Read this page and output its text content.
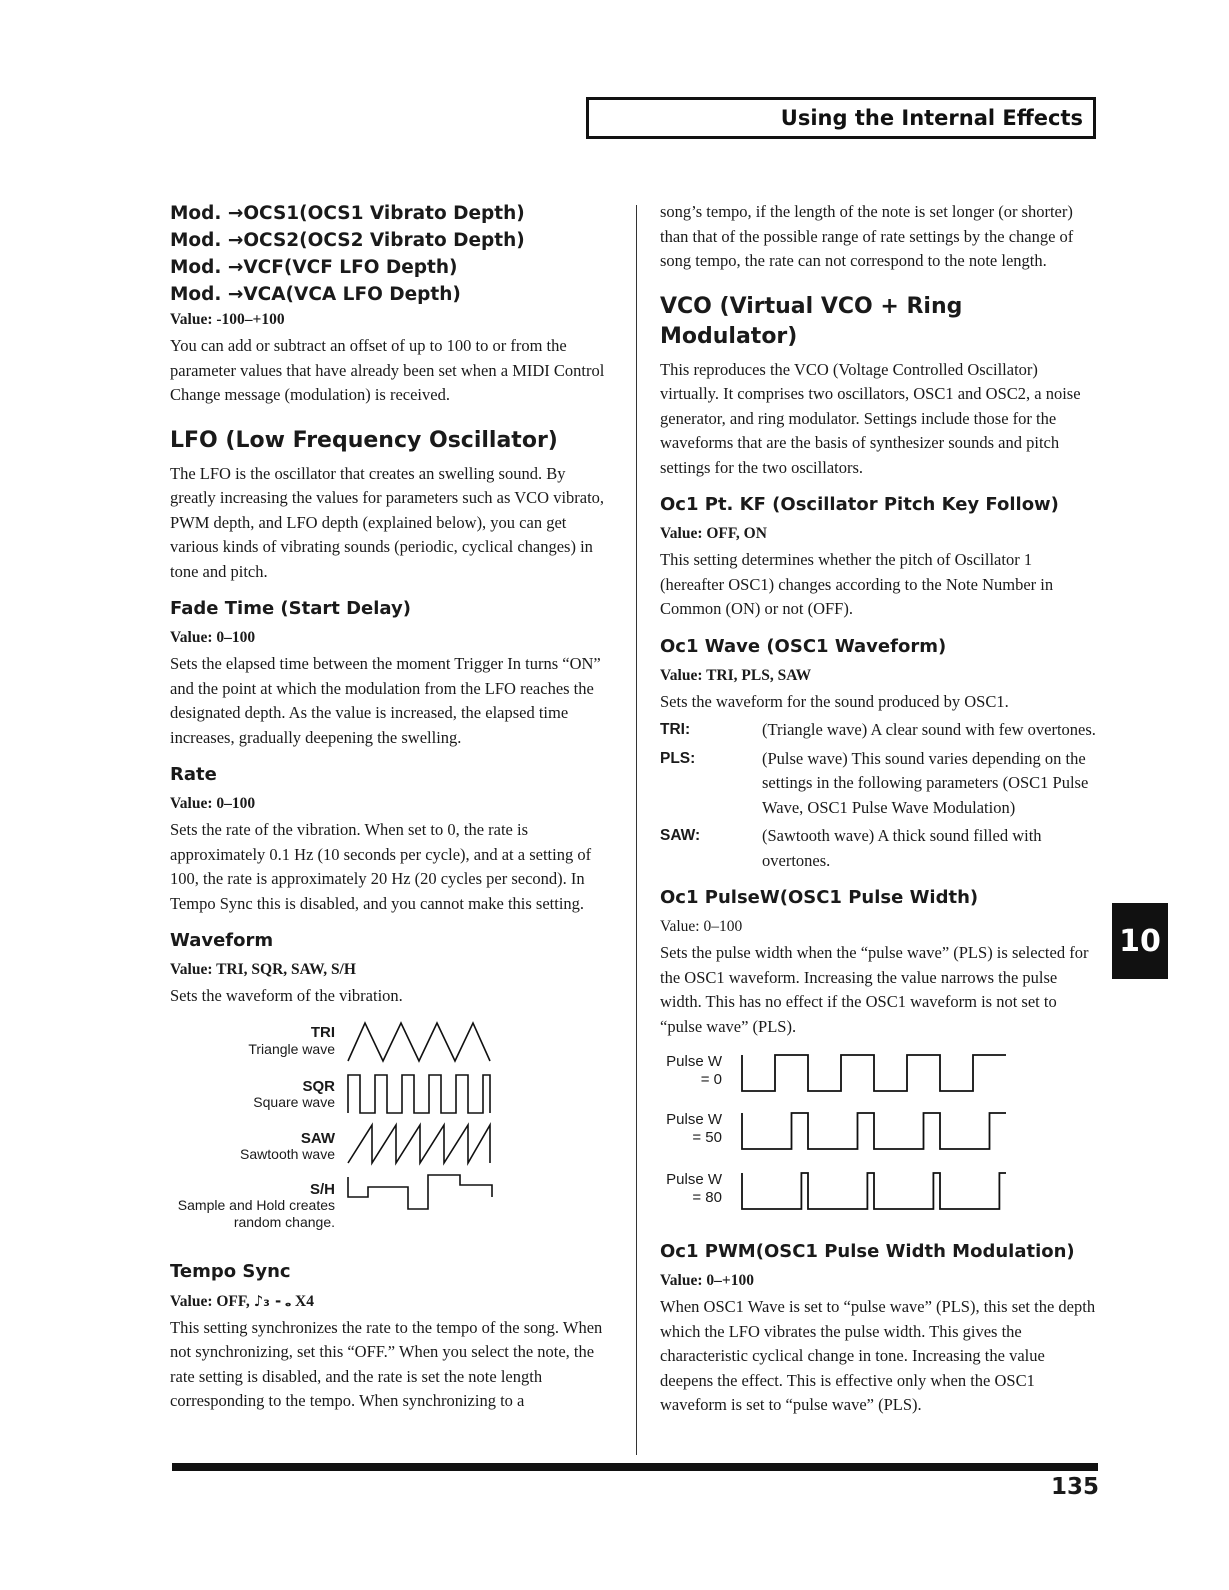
Using the Internal Effects
Mod. →OCS1(OCS1 Vibrato Depth)
Mod. →OCS2(OCS2 Vibrato Depth)
Mod. →VCF(VCF LFO Depth)
Mod. →VCA(VCA LFO Depth)
Value: -100–+100

You can add or subtract an offset of up to 100 to or from the parameter values that have already been set when a MIDI Control Change message (modulation) is received.

LFO (Low Frequency Oscillator)

The LFO is the oscillator that creates an swelling sound. By greatly increasing the values for parameters such as VCO vibrato, PWM depth, and LFO depth (explained below), you can get various kinds of vibrating sounds (periodic, cyclical changes) in tone and pitch.

Fade Time (Start Delay)
Value: 0–100

Sets the elapsed time between the moment Trigger In turns “ON” and the point at which the modulation from the LFO reaches the designated depth. As the value is increased, the elapsed time increases, gradually deepening the swelling.

Rate
Value: 0–100

Sets the rate of the vibration. When set to 0, the rate is approximately 0.1 Hz (10 seconds per cycle), and at a setting of 100, the rate is approximately 20 Hz (20 cycles per second). In Tempo Sync this is disabled, and you cannot make this setting.

Waveform
Value: TRI, SQR, SAW, S/H

Sets the waveform of the vibration.

TRI
Triangle wave
SQR
Square wave
SAW
Sawtooth wave
S/H
Sample and Hold creates random change.
Tempo Sync
Value: OFF, ♪₃ - 𝅝 X4

This setting synchronizes the rate to the tempo of the song. When not synchronizing, set this “OFF.” When you select the note, the rate setting is disabled, and the rate is set the note length corresponding to the tempo. When synchronizing to a

song’s tempo, if the length of the note is set longer (or shorter) than that of the possible range of rate settings by the change of song tempo, the rate can not correspond to the note length.

VCO (Virtual VCO + Ring Modulator)

This reproduces the VCO (Voltage Controlled Oscillator) virtually. It comprises two oscillators, OSC1 and OSC2, a noise generator, and ring modulator. Settings include those for the waveforms that are the basis of synthesizer sounds and pitch settings for the two oscillators.

Oc1 Pt. KF (Oscillator Pitch Key Follow)
Value: OFF, ON

This setting determines whether the pitch of Oscillator 1 (hereafter OSC1) changes according to the Note Number in Common (ON) or not (OFF).

Oc1 Wave (OSC1 Waveform)
Value: TRI, PLS, SAW

Sets the waveform for the sound produced by OSC1.

TRI:	(Triangle wave) A clear sound with few overtones.
PLS:	(Pulse wave) This sound varies depending on the settings in the following parameters (OSC1 Pulse Wave, OSC1 Pulse Wave Modulation)
SAW:	(Sawtooth wave) A thick sound filled with overtones.
Oc1 PulseW(OSC1 Pulse Width)
Value: 0–100

Sets the pulse width when the “pulse wave” (PLS) is selected for the OSC1 waveform. Increasing the value narrows the pulse width. This has no effect if the OSC1 waveform is not set to “pulse wave” (PLS).

Pulse W
= 0
Pulse W
= 50
Pulse W
= 80
Oc1 PWM(OSC1 Pulse Width Modulation)
Value: 0–+100

When OSC1 Wave is set to “pulse wave” (PLS), this set the depth which the LFO vibrates the pulse width. This gives the characteristic cyclical change in tone. Increasing the value deepens the effect. This is effective only when the OSC1 waveform is set to “pulse wave” (PLS).

10
135
